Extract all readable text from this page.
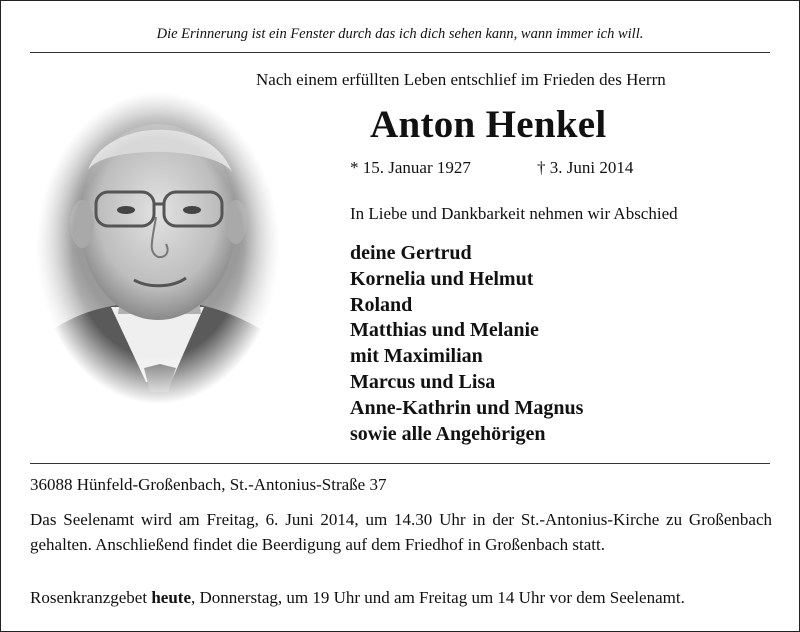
Die Erinnerung ist ein Fenster durch das ich dich sehen kann, wann immer ich will.
Nach einem erfüllten Leben entschlief im Frieden des Herrn
Anton Henkel
* 15. Januar 1927	† 3. Juni 2014
In Liebe und Dankbarkeit nehmen wir Abschied
deine Gertrud
Kornelia und Helmut
Roland
Matthias und Melanie
mit Maximilian
Marcus und Lisa
Anne-Kathrin und Magnus
sowie alle Angehörigen
36088 Hünfeld-Großenbach, St.-Antonius-Straße 37

Das Seelenamt wird am Freitag, 6. Juni 2014, um 14.30 Uhr in der St.-Antonius-Kirche zu Großenbach gehalten. Anschließend findet die Beerdigung auf dem Friedhof in Großenbach statt.

Rosenkranzgebet heute, Donnerstag, um 19 Uhr und am Freitag um 14 Uhr vor dem Seelenamt.
